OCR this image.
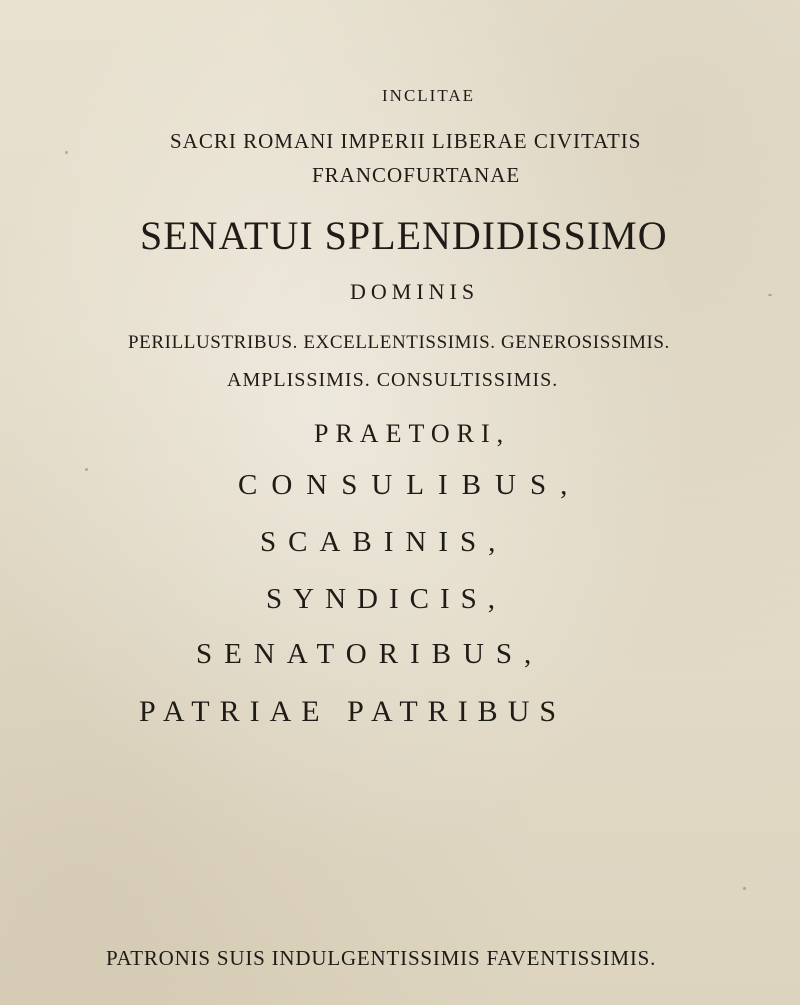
INCLITAE
SACRI ROMANI IMPERII LIBERAE CIVITATIS
FRANCOFURTANAE
SENATUI SPLENDIDISSIMO
DOMINIS
PERILLUSTRIBUS. EXCELLENTISSIMIS. GENEROSISSIMIS.
AMPLISSIMIS. CONSULTISSIMIS.
PRAETORI,
CONSULIBUS,
SCABINIS,
SYNDICIS,
SENATORIBUS,
PATRIAE PATRIBUS
PATRONIS SUIS INDULGENTISSIMIS FAVENTISSIMIS.
